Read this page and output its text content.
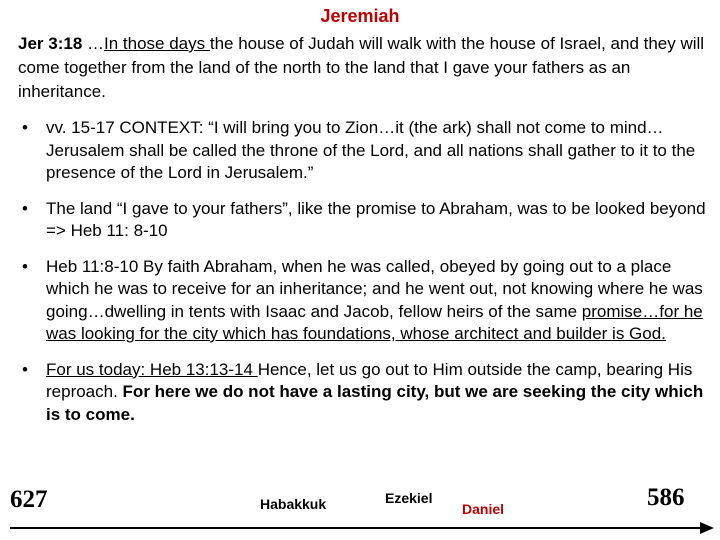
Jeremiah
Jer 3:18 …In those days the house of Judah will walk with the house of Israel, and they will come together from the land of the north to the land that I gave your fathers as an inheritance.
• vv. 15-17 CONTEXT: “I will bring you to Zion…it (the ark) shall not come to mind… Jerusalem shall be called the throne of the Lord, and all nations shall gather to it to the presence of the Lord in Jerusalem.”
• The land “I gave to your fathers”, like the promise to Abraham, was to be looked beyond => Heb 11: 8-10
• Heb 11:8-10 By faith Abraham, when he was called, obeyed by going out to a place which he was to receive for an inheritance; and he went out, not knowing where he was going…dwelling in tents with Isaac and Jacob, fellow heirs of the same promise…for he was looking for the city which has foundations, whose architect and builder is God.
• For us today: Heb 13:13-14 Hence, let us go out to Him outside the camp, bearing His reproach. For here we do not have a lasting city, but we are seeking the city which is to come.
627	586
Habakkuk	Ezekiel
Daniel
